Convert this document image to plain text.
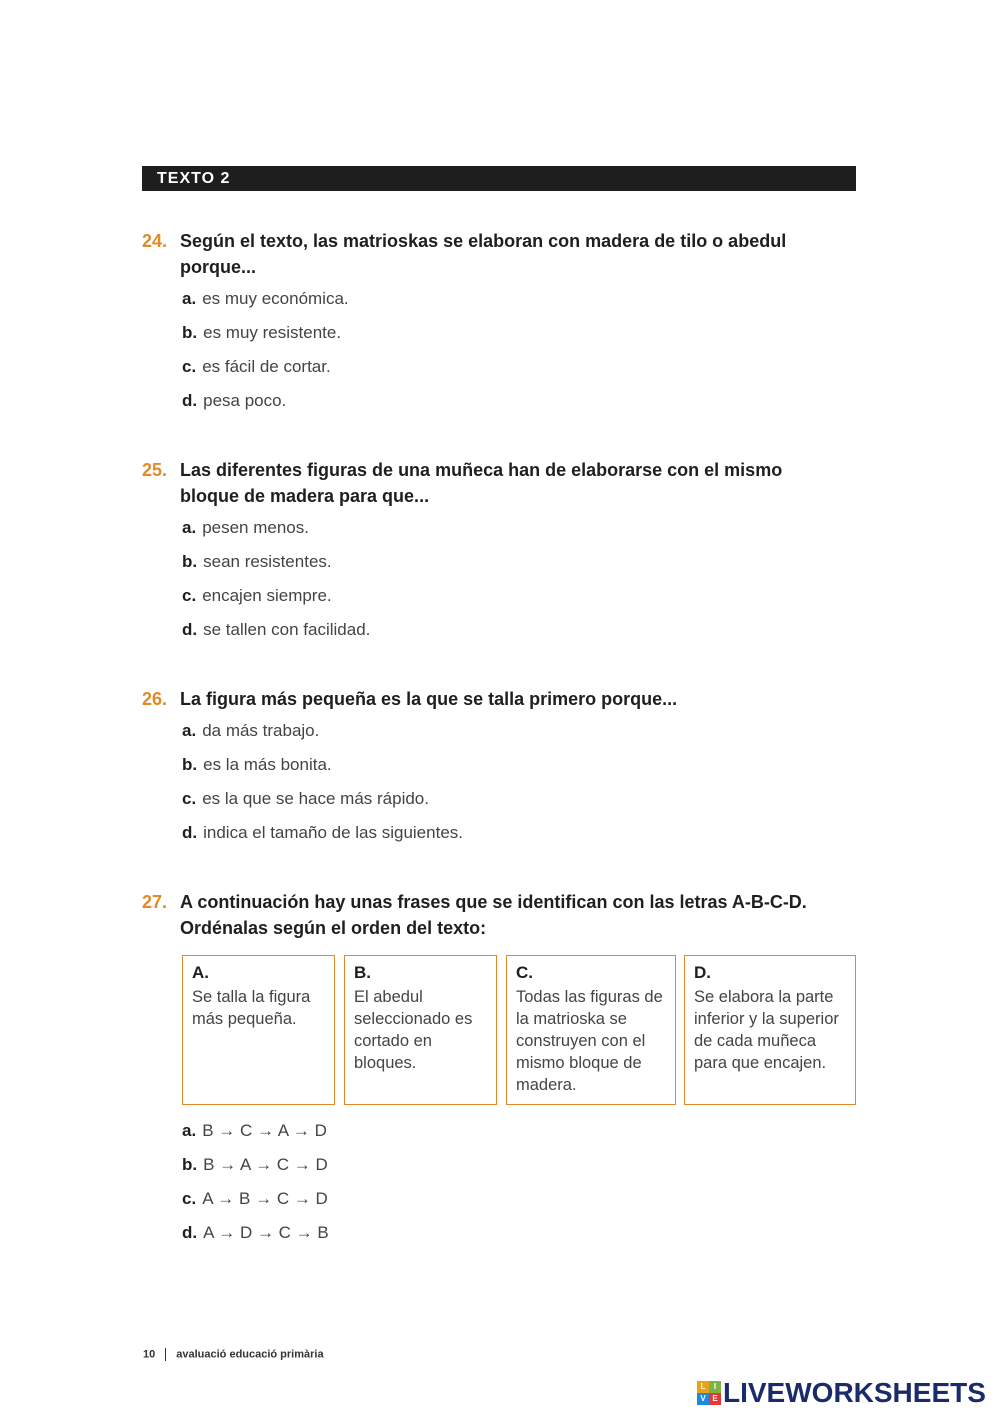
TEXTO 2
24. Según el texto, las matrioskas se elaboran con madera de tilo o abedul
porque...
a. es muy económica.
b. es muy resistente.
c. es fácil de cortar.
d. pesa poco.
25. Las diferentes figuras de una muñeca han de elaborarse con el mismo
bloque de madera para que...
a. pesen menos.
b. sean resistentes.
c. encajen siempre.
d. se tallen con facilidad.
26. La figura más pequeña es la que se talla primero porque...
a. da más trabajo.
b. es la más bonita.
c. es la que se hace más rápido.
d. indica el tamaño de las siguientes.
27. A continuación hay unas frases que se identifican con las letras A-B-C-D.
Ordénalas según el orden del texto:
A.
Se talla la figura más pequeña.
B.
El abedul seleccionado es cortado en bloques.
C.
Todas las figuras de la matrioska se construyen con el mismo bloque de madera.
D.
Se elabora la parte inferior y la superior de cada muñeca para que encajen.
a. B → C → A → D
b. B → A → C → D
c. A → B → C → D
d. A → D → C → B
10 avaluació educació primària
L	I
V E LIVEWORKSHEETS
